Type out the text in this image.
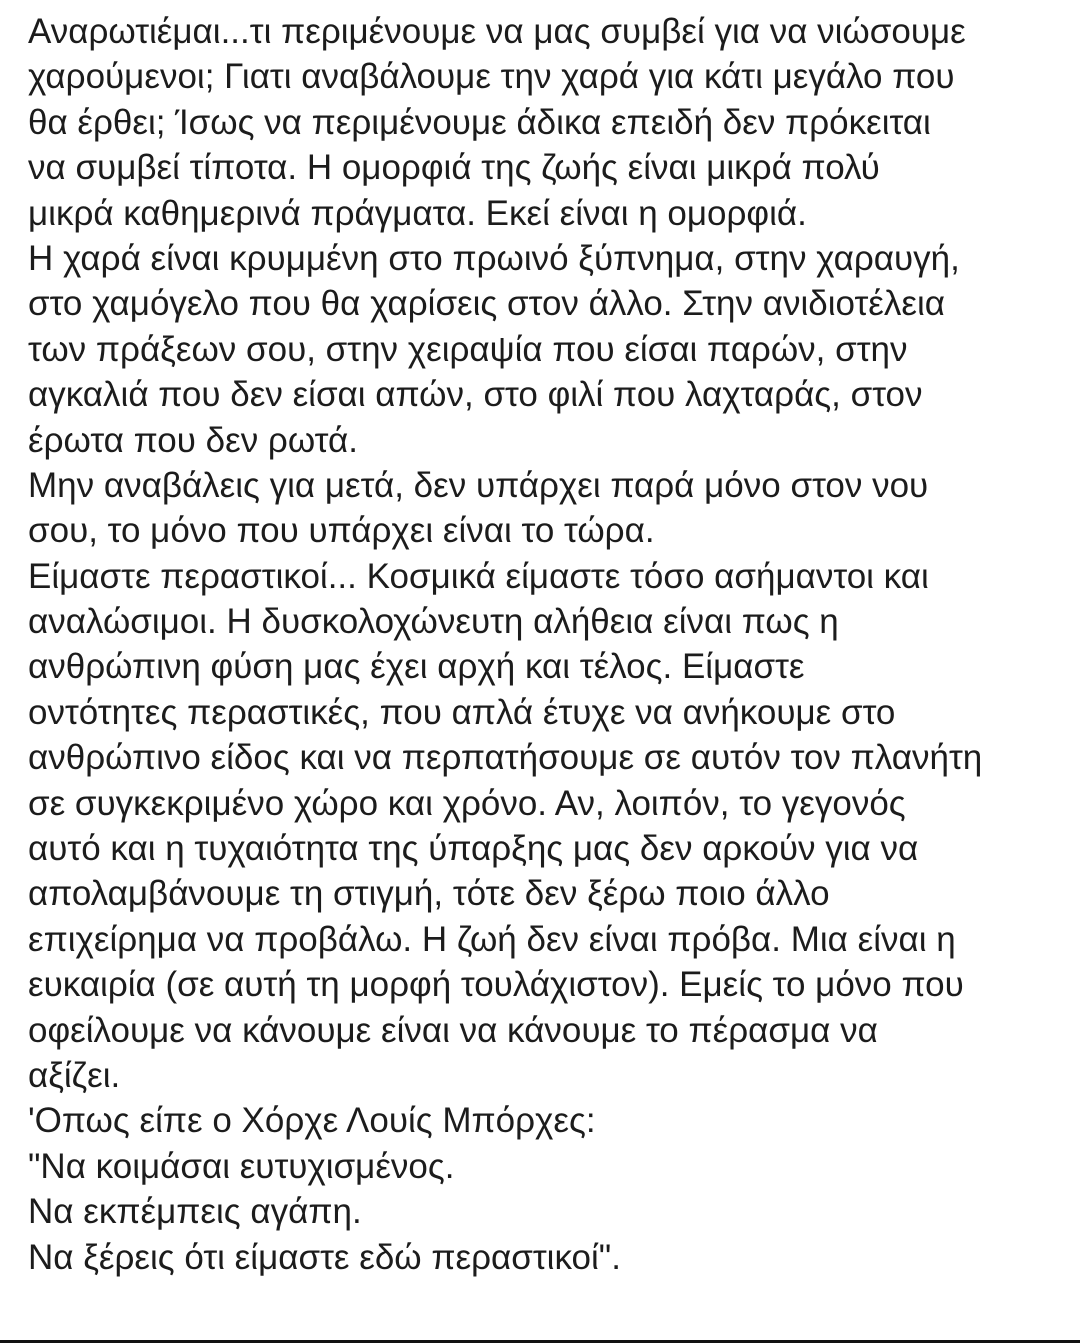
Αναρωτιέμαι...τι περιμένουμε να μας συμβεί για να νιώσουμε
χαρούμενοι; Γιατι αναβάλουμε την χαρά για κάτι μεγάλο που
θα έρθει; Ίσως να περιμένουμε άδικα επειδή δεν πρόκειται
να συμβεί τίποτα. Η ομορφιά της ζωής είναι μικρά πολύ
μικρά καθημερινά πράγματα. Εκεί είναι η ομορφιά.
Η χαρά είναι κρυμμένη στο πρωινό ξύπνημα, στην χαραυγή,
στο χαμόγελο που θα χαρίσεις στον άλλο. Στην ανιδιοτέλεια
των πράξεων σου, στην χειραψία που είσαι παρών, στην
αγκαλιά που δεν είσαι απών, στο φιλί που λαχταράς, στον
έρωτα που δεν ρωτά.
Μην αναβάλεις για μετά, δεν υπάρχει παρά μόνο στον νου
σου, το μόνο που υπάρχει είναι το τώρα.
Είμαστε περαστικοί... Κοσμικά είμαστε τόσο ασήμαντοι και
αναλώσιμοι. Η δυσκολοχώνευτη αλήθεια είναι πως η
ανθρώπινη φύση μας έχει αρχή και τέλος. Είμαστε
οντότητες περαστικές, που απλά έτυχε να ανήκουμε στο
ανθρώπινο είδος και να περπατήσουμε σε αυτόν τον πλανήτη
σε συγκεκριμένο χώρο και χρόνο. Αν, λοιπόν, το γεγονός
αυτό και η τυχαιότητα της ύπαρξης μας δεν αρκούν για να
απολαμβάνουμε τη στιγμή, τότε δεν ξέρω ποιο άλλο
επιχείρημα να προβάλω. Η ζωή δεν είναι πρόβα. Μια είναι η
ευκαιρία (σε αυτή τη μορφή τουλάχιστον). Εμείς το μόνο που
οφείλουμε να κάνουμε είναι να κάνουμε το πέρασμα να
αξίζει.
'Οπως είπε ο Χόρχε Λουίς Μπόρχες:
"Να κοιμάσαι ευτυχισμένος.
Να εκπέμπεις αγάπη.
Να ξέρεις ότι είμαστε εδώ περαστικοί".
